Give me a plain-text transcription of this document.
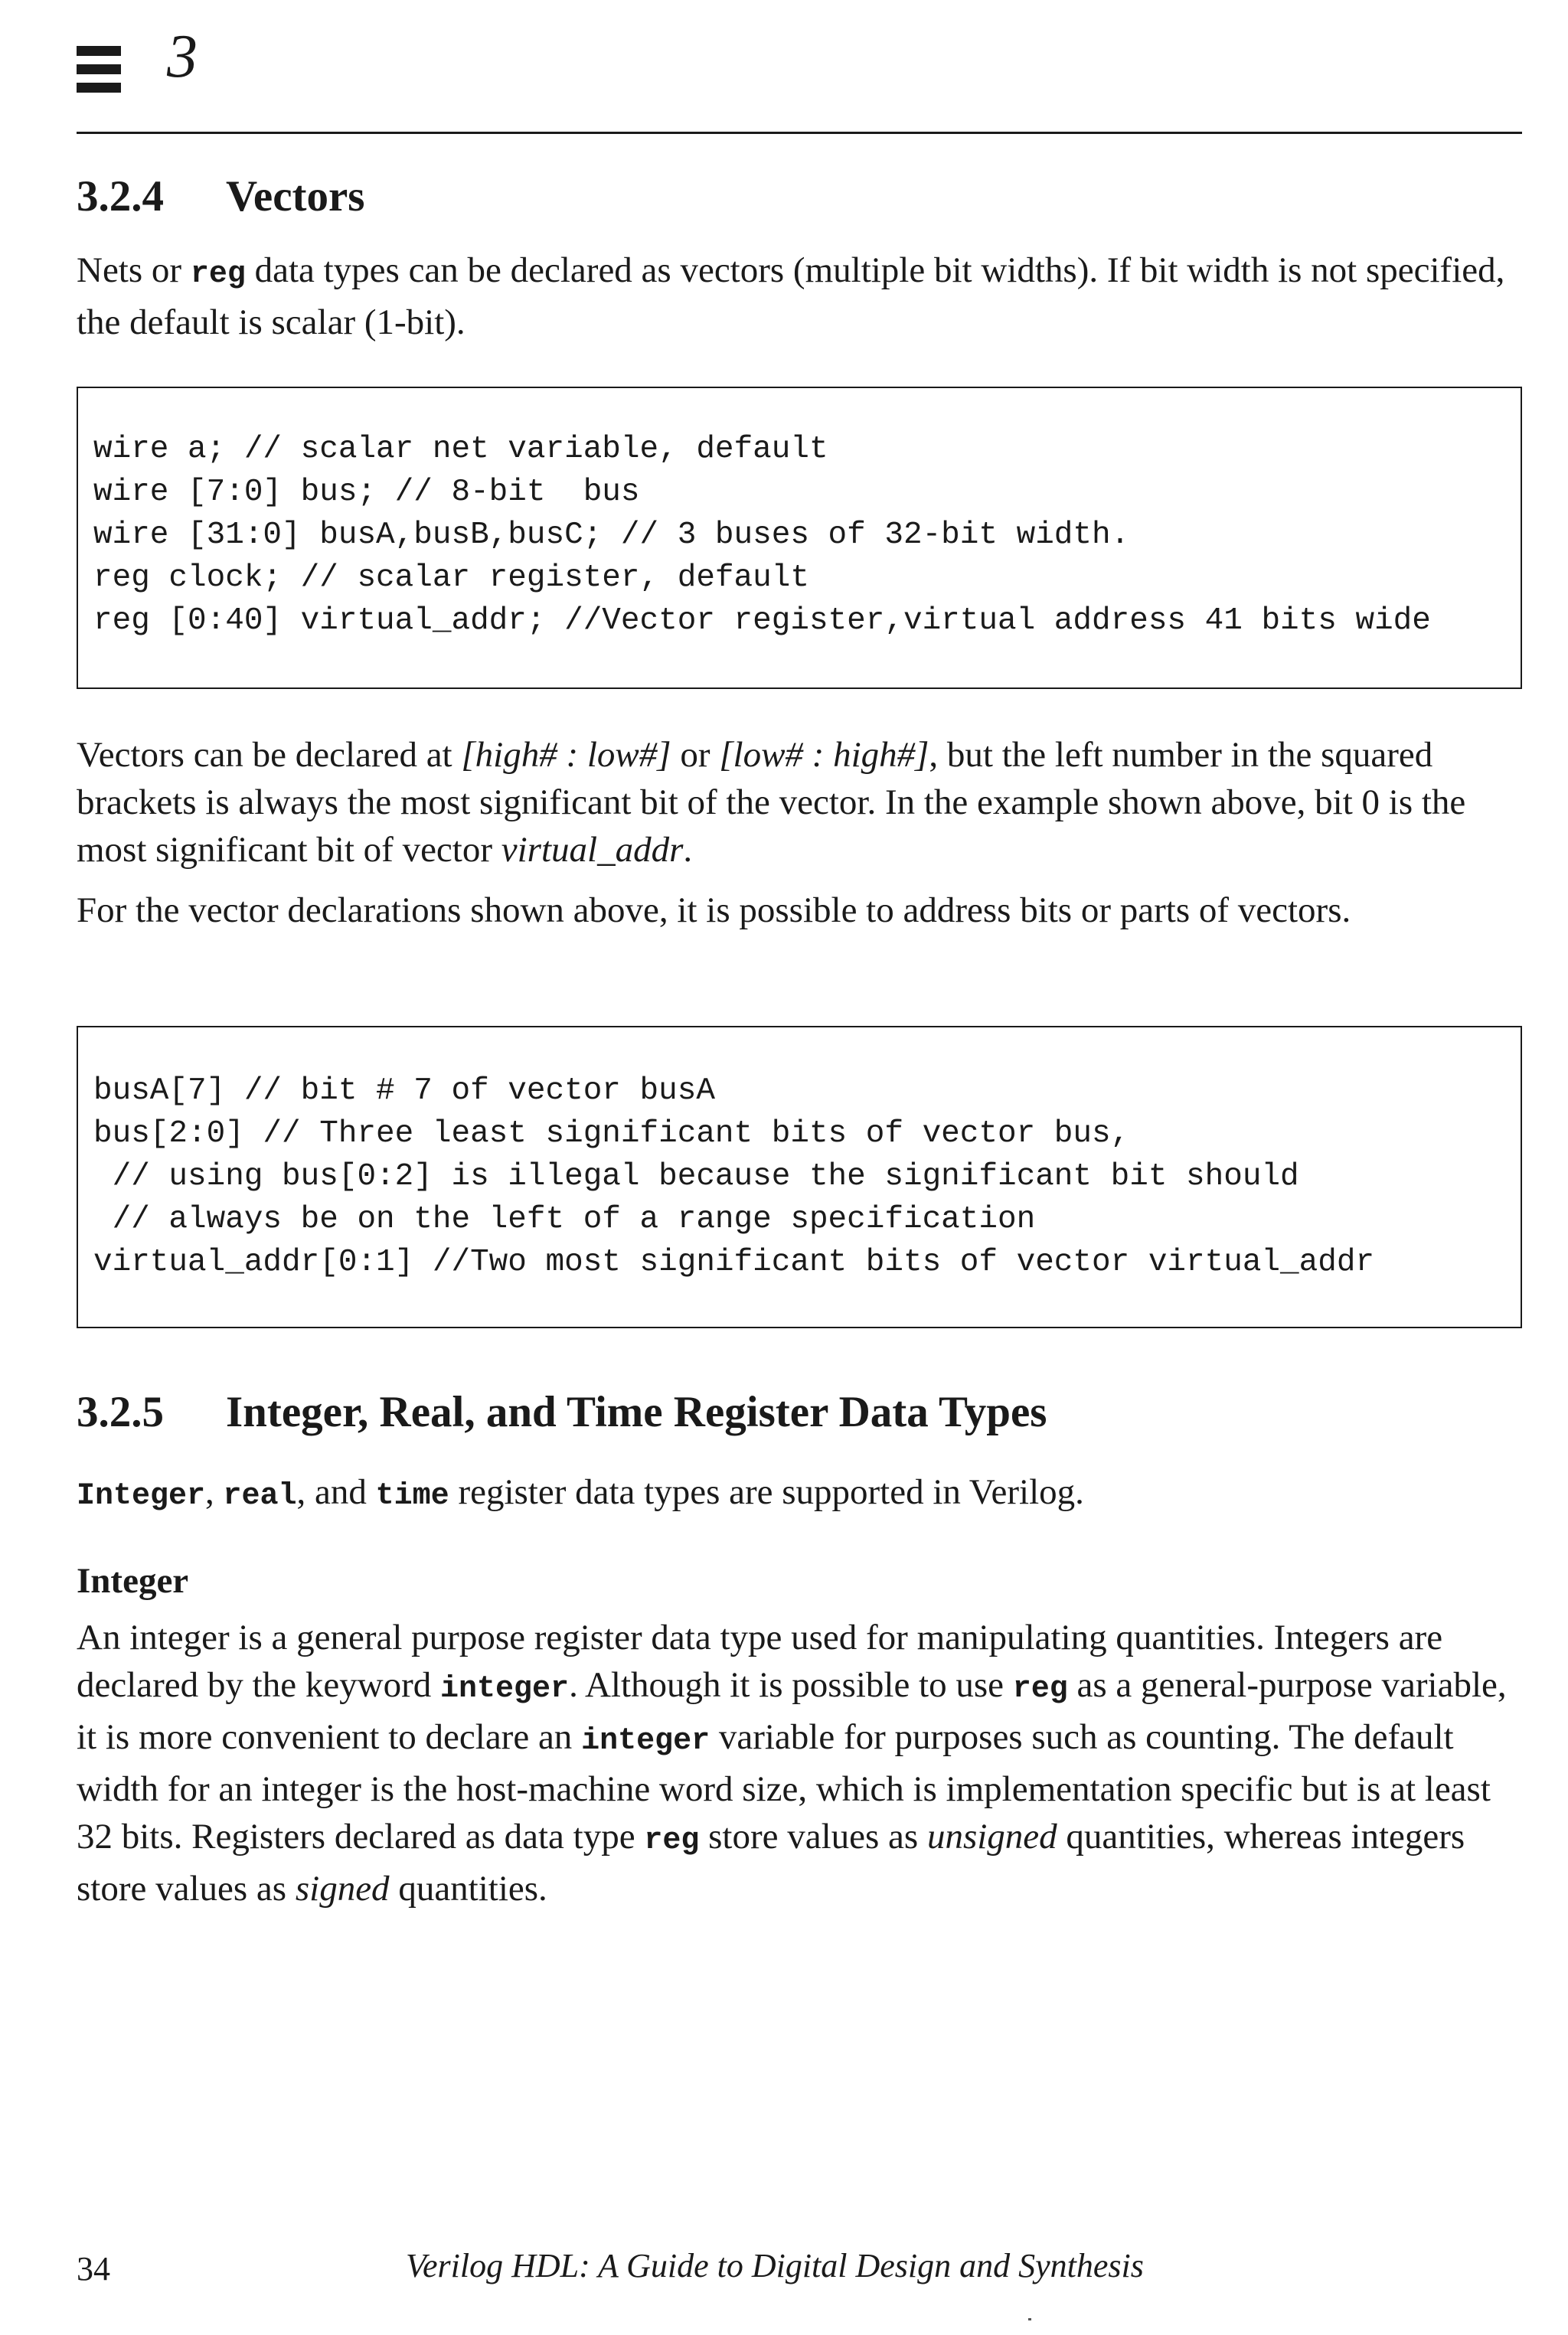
3
3.2.4 Vectors

Nets or reg data types can be declared as vectors (multiple bit widths). If bit width is not specified, the default is scalar (1-bit).

wire a; // scalar net variable, default
wire [7:0] bus; // 8-bit  bus
wire [31:0] busA,busB,busC; // 3 buses of 32-bit width.
reg clock; // scalar register, default
reg [0:40] virtual_addr; //Vector register,virtual address 41 bits wide

Vectors can be declared at [high# : low#] or [low# : high#], but the left number in the squared brackets is always the most significant bit of the vector. In the example shown above, bit 0 is the most significant bit of vector virtual_addr.

For the vector declarations shown above, it is possible to address bits or parts of vectors.

busA[7] // bit # 7 of vector busA
bus[2:0] // Three least significant bits of vector bus,
// using bus[0:2] is illegal because the significant bit should
// always be on the left of a range specification
virtual_addr[0:1] //Two most significant bits of vector virtual_addr
3.2.5 Integer, Real, and Time Register Data Types

Integer, real, and time register data types are supported in Verilog.

Integer

An integer is a general purpose register data type used for manipulating quantities. Integers are declared by the keyword integer. Although it is possible to use reg as a general-purpose variable, it is more convenient to declare an integer variable for purposes such as counting. The default width for an integer is the host-machine word size, which is implementation specific but is at least 32 bits. Registers declared as data type reg store values as unsigned quantities, whereas integers store values as signed quantities.

34	Verilog HDL: A Guide to Digital Design and Synthesis
